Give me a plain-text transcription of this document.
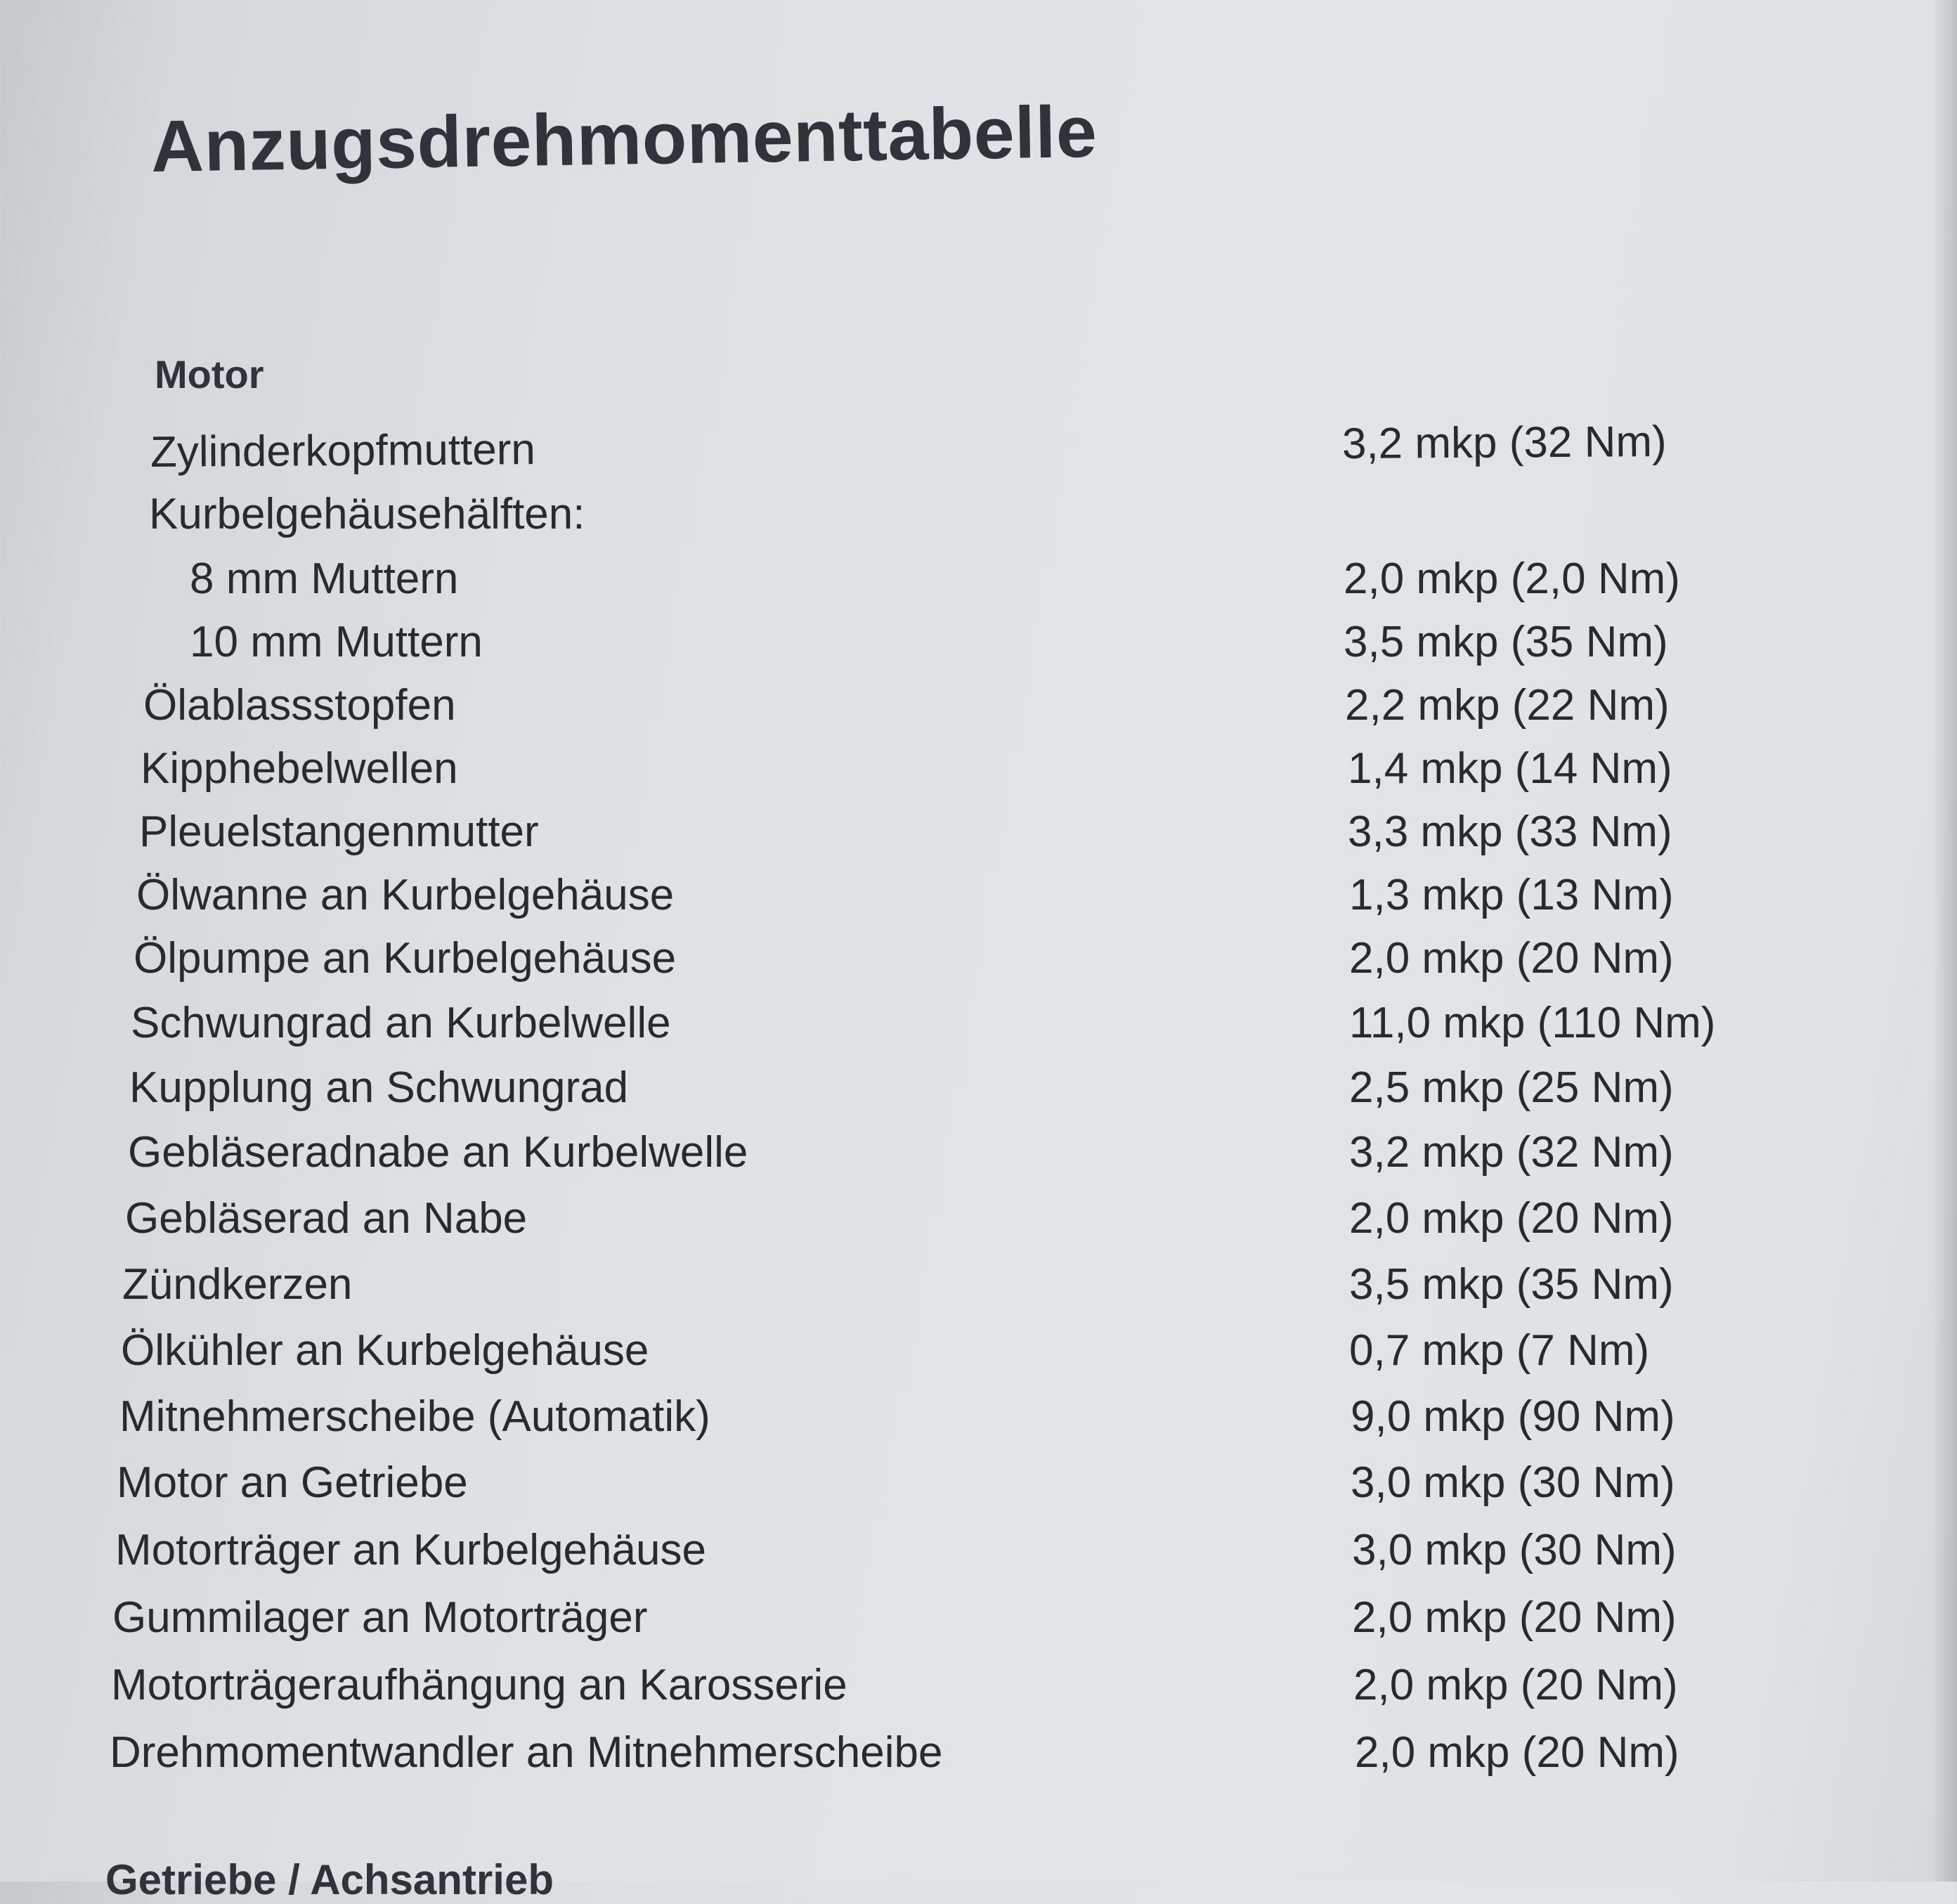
Anzugsdrehmomenttabelle
Motor
Zylinderkopfmuttern	3,2 mkp (32 Nm)
Kurbelgehäusehälften:
8 mm Muttern	2,0 mkp (2,0 Nm)
10 mm Muttern	3,5 mkp (35 Nm)
Ölablassstopfen	2,2 mkp (22 Nm)
Kipphebelwellen	1,4 mkp (14 Nm)
Pleuelstangenmutter	3,3 mkp (33 Nm)
Ölwanne an Kurbelgehäuse	1,3 mkp (13 Nm)
Ölpumpe an Kurbelgehäuse	2,0 mkp (20 Nm)
Schwungrad an Kurbelwelle	11,0 mkp (110 Nm)
Kupplung an Schwungrad	2,5 mkp (25 Nm)
Gebläseradnabe an Kurbelwelle	3,2 mkp (32 Nm)
Gebläserad an Nabe	2,0 mkp (20 Nm)
Zündkerzen	3,5 mkp (35 Nm)
Ölkühler an Kurbelgehäuse	0,7 mkp (7 Nm)
Mitnehmerscheibe (Automatik)	9,0 mkp (90 Nm)
Motor an Getriebe	3,0 mkp (30 Nm)
Motorträger an Kurbelgehäuse	3,0 mkp (30 Nm)
Gummilager an Motorträger	2,0 mkp (20 Nm)
Motorträgeraufhängung an Karosserie	2,0 mkp (20 Nm)
Drehmomentwandler an Mitnehmerscheibe	2,0 mkp (20 Nm)
Getriebe / Achsantrieb
